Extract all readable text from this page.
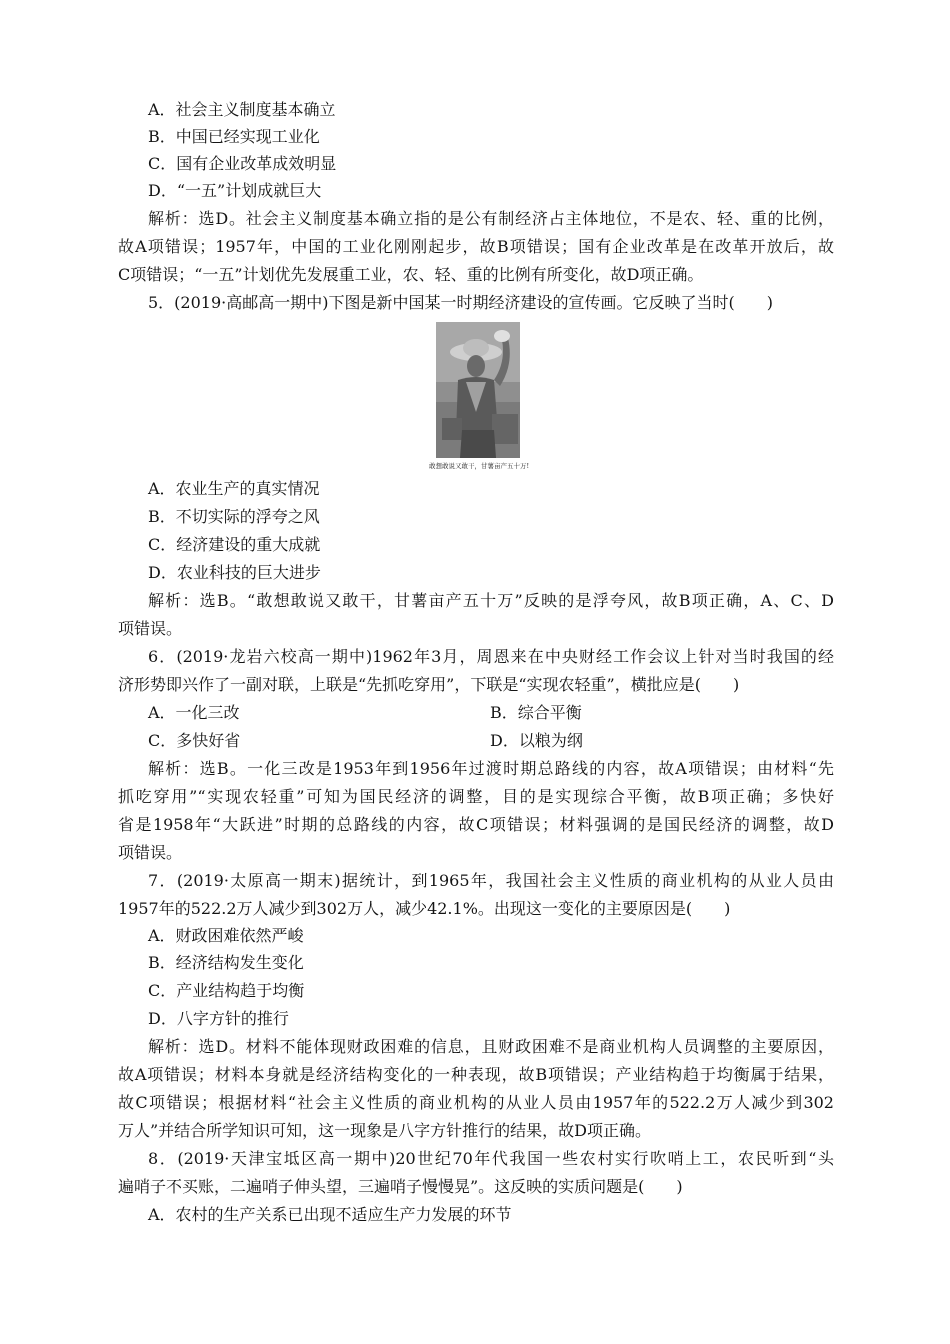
A．社会主义制度基本确立
B．中国已经实现工业化
C．国有企业改革成效明显
D．“一五”计划成就巨大
解析：选D。社会主义制度基本确立指的是公有制经济占主体地位，不是农、轻、重的比例，
故A项错误；1957年，中国的工业化刚刚起步，故B项错误；国有企业改革是在改革开放后，故
C项错误；“一五”计划优先发展重工业，农、轻、重的比例有所变化，故D项正确。
5．(2019·高邮高一期中)下图是新中国某一时期经济建设的宣传画。它反映了当时(　　)
敢想敢说又敢干，甘薯亩产五十万!
A．农业生产的真实情况
B．不切实际的浮夸之风
C．经济建设的重大成就
D．农业科技的巨大进步
解析：选B。“敢想敢说又敢干，甘薯亩产五十万”反映的是浮夸风，故B项正确，A、C、D
项错误。
6．(2019·龙岩六校高一期中)1962年3月，周恩来在中央财经工作会议上针对当时我国的经
济形势即兴作了一副对联，上联是“先抓吃穿用”，下联是“实现农轻重”，横批应是(　　)
A．一化三改	B．综合平衡
C．多快好省	D．以粮为纲
解析：选B。一化三改是1953年到1956年过渡时期总路线的内容，故A项错误；由材料“先
抓吃穿用”“实现农轻重”可知为国民经济的调整，目的是实现综合平衡，故B项正确；多快好
省是1958年“大跃进”时期的总路线的内容，故C项错误；材料强调的是国民经济的调整，故D
项错误。
7．(2019·太原高一期末)据统计，到1965年，我国社会主义性质的商业机构的从业人员由
1957年的522.2万人减少到302万人，减少42.1%。出现这一变化的主要原因是(　　)
A．财政困难依然严峻
B．经济结构发生变化
C．产业结构趋于均衡
D．八字方针的推行
解析：选D。材料不能体现财政困难的信息，且财政困难不是商业机构人员调整的主要原因，
故A项错误；材料本身就是经济结构变化的一种表现，故B项错误；产业结构趋于均衡属于结果，
故C项错误；根据材料“社会主义性质的商业机构的从业人员由1957年的522.2万人减少到302
万人”并结合所学知识可知，这一现象是八字方针推行的结果，故D项正确。
8．(2019·天津宝坻区高一期中)20世纪70年代我国一些农村实行吹哨上工，农民听到“头
遍哨子不买账，二遍哨子伸头望，三遍哨子慢慢晃”。这反映的实质问题是(　　)
A．农村的生产关系已出现不适应生产力发展的环节
